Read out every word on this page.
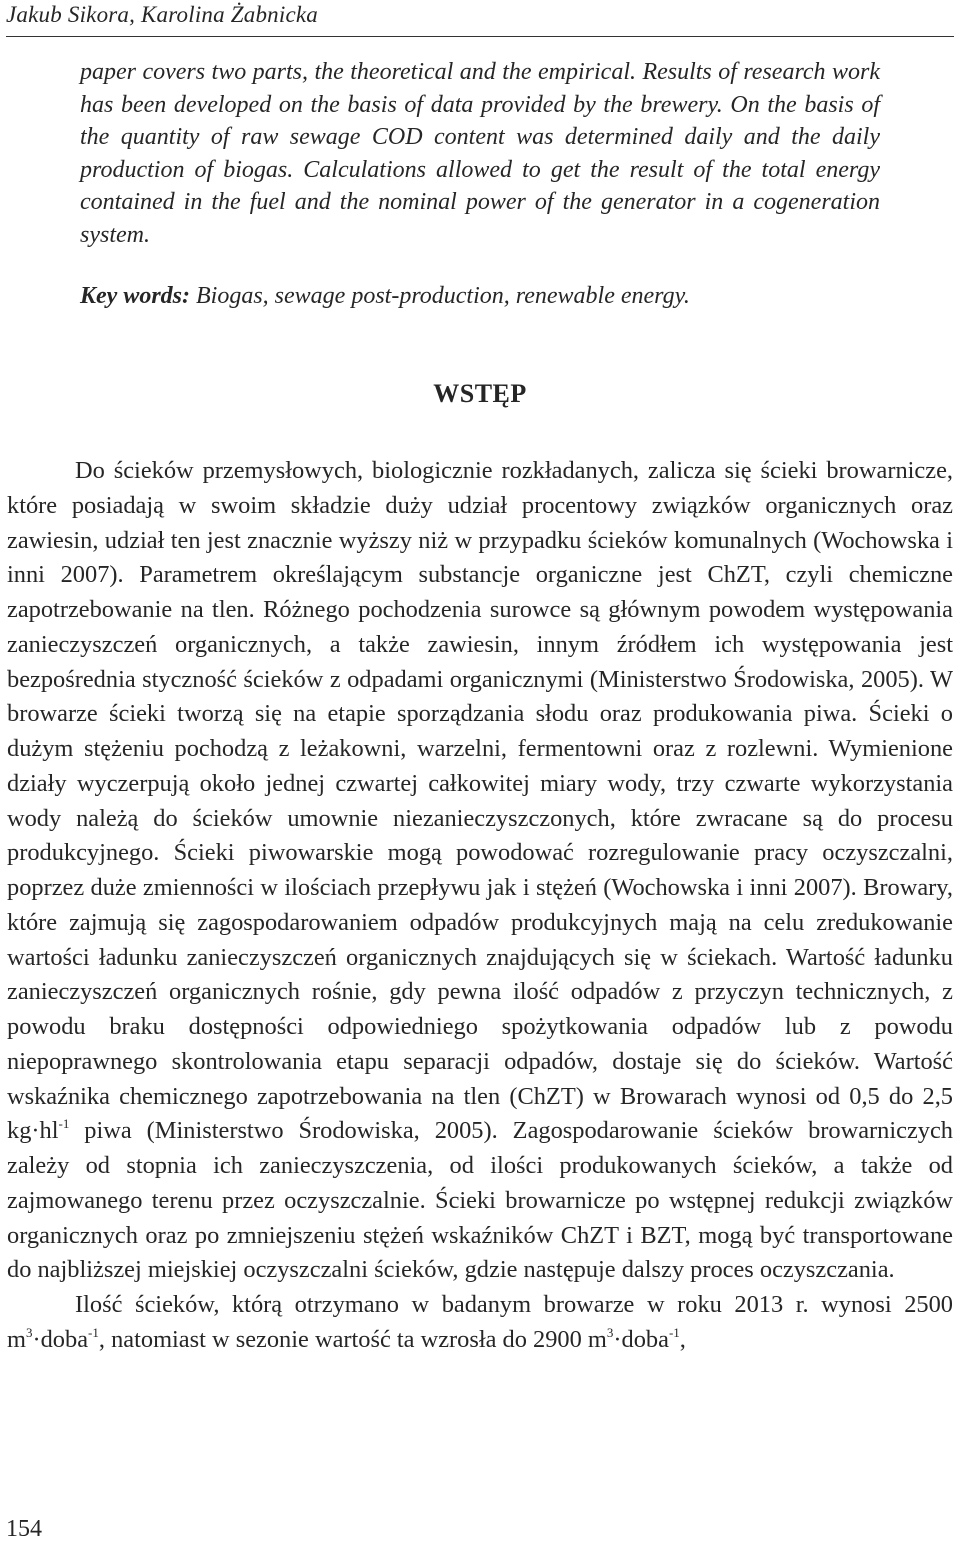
Jakub Sikora, Karolina Żabnicka
paper covers two parts, the theoretical and the empirical. Results of research work has been developed on the basis of data provided by the brewery. On the basis of the quantity of raw sewage COD content was determined daily and the daily production of biogas. Calculations allowed to get the result of the total energy contained in the fuel and the nominal power of the generator in a cogeneration system.
Key words: Biogas, sewage post-production, renewable energy.
WSTĘP

Do ścieków przemysłowych, biologicznie rozkładanych, zalicza się ścieki browarnicze, które posiadają w swoim składzie duży udział procentowy związków organicznych oraz zawiesin, udział ten jest znacznie wyższy niż w przypadku ścieków komunalnych (Wochowska i inni 2007). Parametrem określającym substancje organiczne jest ChZT, czyli chemiczne zapotrzebowanie na tlen. Różnego pochodzenia surowce są głównym powodem występowania zanieczyszczeń organicznych, a także zawiesin, innym źródłem ich występowania jest bezpośrednia styczność ścieków z odpadami organicznymi (Ministerstwo Środowiska, 2005). W browarze ścieki tworzą się na etapie sporządzania słodu oraz produkowania piwa. Ścieki o dużym stężeniu pochodzą z leżakowni, warzelni, fermentowni oraz z rozlewni. Wymienione działy wyczerpują około jednej czwartej całkowitej miary wody, trzy czwarte wykorzystania wody należą do ścieków umownie niezanieczyszczonych, które zwracane są do procesu produkcyjnego. Ścieki piwowarskie mogą powodować rozregulowanie pracy oczyszczalni, poprzez duże zmienności w ilościach przepływu jak i stężeń (Wochowska i inni 2007). Browary, które zajmują się zagospodarowaniem odpadów produkcyjnych mają na celu zredukowanie wartości ładunku zanieczyszczeń organicznych znajdujących się w ściekach. Wartość ładunku zanieczyszczeń organicznych rośnie, gdy pewna ilość odpadów z przyczyn technicznych, z powodu braku dostępności odpowiedniego spożytkowania odpadów lub z powodu niepoprawnego skontrolowania etapu separacji odpadów, dostaje się do ścieków. Wartość wskaźnika chemicznego zapotrzebowania na tlen (ChZT) w Browarach wynosi od 0,5 do 2,5 $kg\cdot hl^{-1}$ piwa (Ministerstwo Środowiska, 2005). Zagospodarowanie ścieków browarniczych zależy od stopnia ich zanieczyszczenia, od ilości produkowanych ścieków, a także od zajmowanego terenu przez oczyszczalnie. Ścieki browarnicze po wstępnej redukcji związków organicznych oraz po zmniejszeniu stężeń wskaźników ChZT i BZT, mogą być transportowane do najbliższej miejskiej oczyszczalni ścieków, gdzie następuje dalszy proces oczyszczania.

Ilość ścieków, którą otrzymano w badanym browarze w roku 2013 r. wynosi 2500 $m^3\cdot doba^{-1}$, natomiast w sezonie wartość ta wzrosła do 2900 $m^3\cdot doba^{-1}$,

154
